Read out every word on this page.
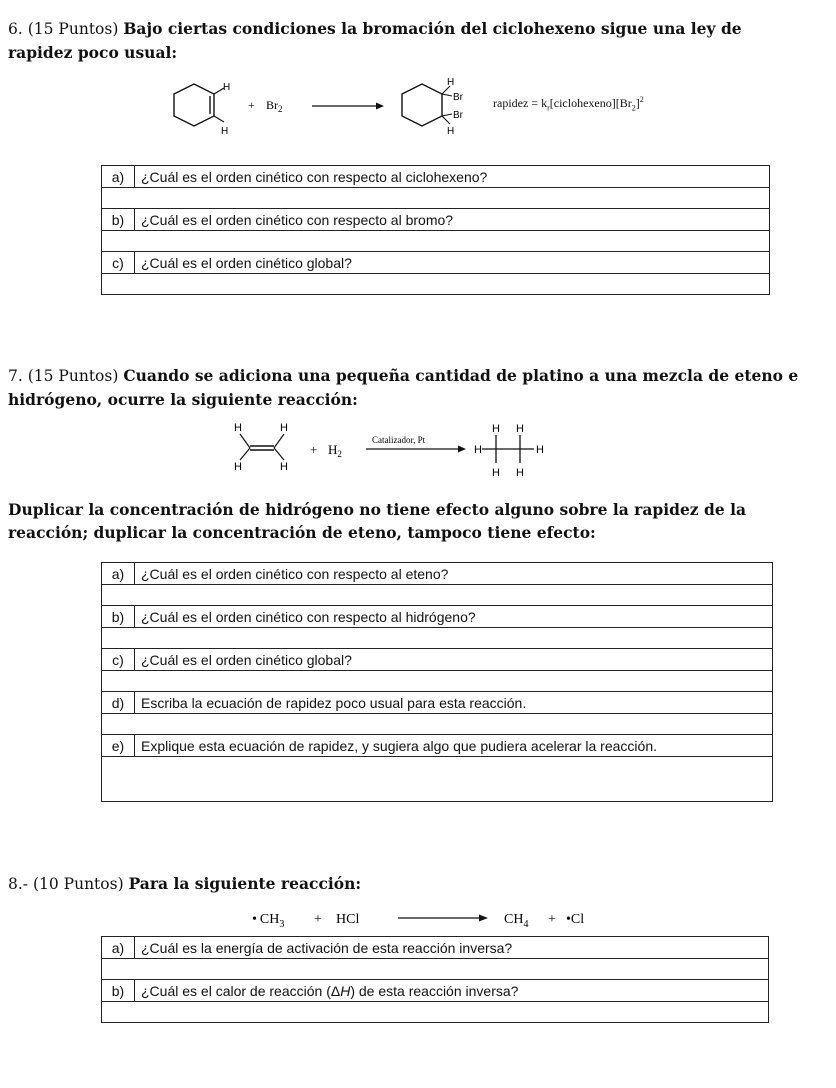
6. (15 Puntos) Bajo ciertas condiciones la bromación del ciclohexeno sigue una ley de rapidez poco usual:
H
H
+ $Br_2$
H
Br
Br
H
rapidez = $k_r[ciclohexeno][Br_2]^2$
a)	¿Cuál es el orden cinético con respecto al ciclohexeno?

b)	¿Cuál es el orden cinético con respecto al bromo?

c)	¿Cuál es el orden cinético global?

7. (15 Puntos) Cuando se adiciona una pequeña cantidad de platino a una mezcla de eteno e hidrógeno, ocurre la siguiente reacción:
H	H
H	H
+ $H_2$
Catalizador, Pt
H
H H
H H
H
Duplicar la concentración de hidrógeno no tiene efecto alguno sobre la rapidez de la reacción; duplicar la concentración de eteno, tampoco tiene efecto:
a)	¿Cuál es el orden cinético con respecto al eteno?

b)	¿Cuál es el orden cinético con respecto al hidrógeno?

c)	¿Cuál es el orden cinético global?

d)	Escriba la ecuación de rapidez poco usual para esta reacción.

e)	Explique esta ecuación de rapidez, y sugiera algo que pudiera acelerar la reacción.

8.- (10 Puntos) Para la siguiente reacción:
• $CH_3$ + HCl	$CH_4$ + •Cl
a)	¿Cuál es la energía de activación de esta reacción inversa?

b)	¿Cuál es el calor de reacción (ΔH) de esta reacción inversa?
